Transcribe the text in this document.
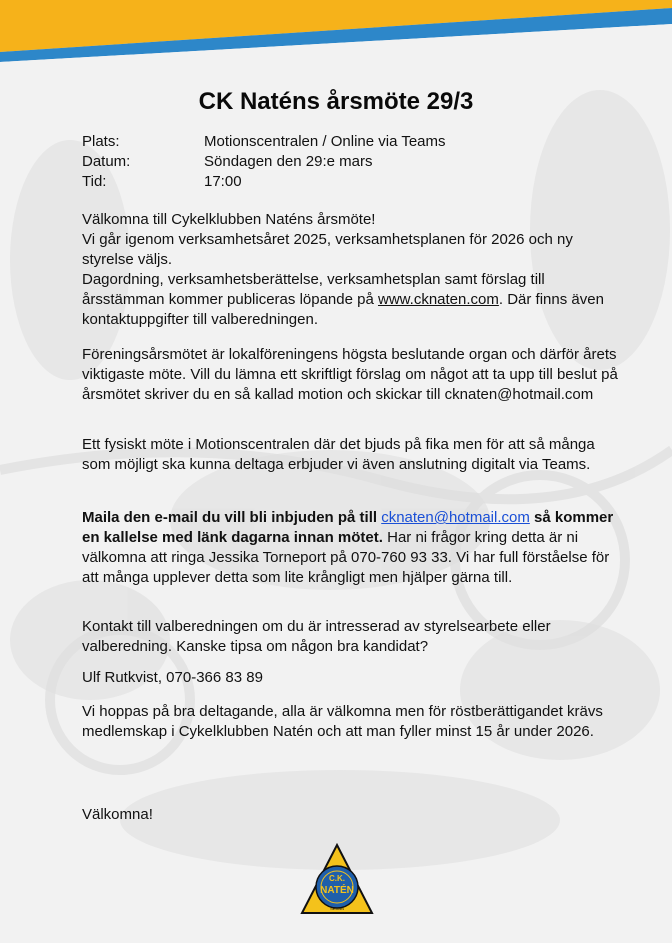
CK Naténs årsmöte 29/3
Plats:	Motionscentralen / Online via Teams
Datum:	Söndagen den 29:e mars
Tid:	17:00

Välkomna till Cykelklubben Naténs årsmöte!

Vi går igenom verksamhetsåret 2025, verksamhetsplanen för 2026 och ny styrelse väljs.

Dagordning, verksamhetsberättelse, verksamhetsplan samt förslag till årsstämman kommer publiceras löpande på www.cknaten.com. Där finns även kontaktuppgifter till valberedningen.

Föreningsårsmötet är lokalföreningens högsta beslutande organ och därför årets viktigaste möte. Vill du lämna ett skriftligt förslag om något att ta upp till beslut på årsmötet skriver du en så kallad motion och skickar till cknaten@hotmail.com

Ett fysiskt möte i Motionscentralen där det bjuds på fika men för att så många som möjligt ska kunna deltaga erbjuder vi även anslutning digitalt via Teams.

Maila den e-mail du vill bli inbjuden på till cknaten@hotmail.com så kommer en kallelse med länk dagarna innan mötet. Har ni frågor kring detta är ni välkomna att ringa Jessika Torneport på 070-760 93 33. Vi har full förståelse för att många upplever detta som lite krångligt men hjälper gärna till.

Kontakt till valberedningen om du är intresserad av styrelsearbete eller valberedning. Kanske tipsa om någon bra kandidat?

Ulf Rutkvist, 070-366 83 89

Vi hoppas på bra deltagande, alla är välkomna men för röstberättigandet krävs medlemskap i Cykelklubben Natén och att man fyller minst 15 år under 2026.

Välkomna!

C.K.
NATÉN
SEDAN
